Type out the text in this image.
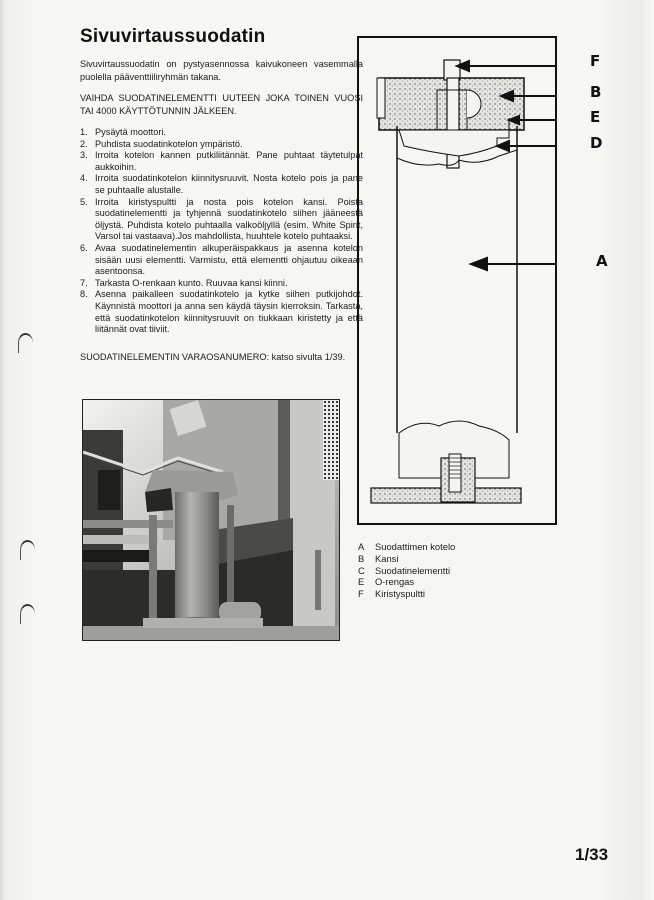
Sivuvirtaussuodatin

Sivuvirtaussuodatin on pystyasennossa kaivukoneen vasemmalla puolella pääventtiiliryhmän takana.

VAIHDA SUODATINELEMENTTI UUTEEN JOKA TOINEN VUOSI TAI 4000 KÄYTTÖTUNNIN JÄLKEEN.

1. Pysäytä moottori.
2. Puhdista suodatinkotelon ympäristö.
3. Irroita kotelon kannen putkiliitännät. Pane puhtaat täytetulpat aukkoihin.
4. Irroita suodatinkotelon kiinnitysruuvit. Nosta kotelo pois ja pane se puhtaalle alustalle.
5. Irroita kiristyspultti ja nosta pois kotelon kansi. Poista suodatinelementti ja tyhjennä suodatinkotelo siihen jääneestä öljystä. Puhdista kotelo puhtaalla valkoöljyllä (esim. White Spirit, Varsol tai vastaava).Jos mahdollista, huuhtele kotelo puhtaaksi.
6. Avaa suodatinelementin alkuperäispakkaus ja asenna kotelon sisään uusi elementti. Varmistu, että elementti ohjautuu oikeaan asentoonsa.
7. Tarkasta O-renkaan kunto. Ruuvaa kansi kiinni.
8. Asenna paikalleen suodatinkotelo ja kytke siihen putkijohdot. Käynnistä moottori ja anna sen käydä täysin kierroksin. Tarkasta, että suodatinkotelon kiinnitysruuvit on tiukkaan kiristetty ja että liitännät ovat tiiviit.

SUODATINELEMENTIN VARAOSANUMERO: katso sivulta 1/39.

F
B
E
D
A
A	Suodattimen kotelo
B	Kansi
C	Suodatinelementti
E	O-rengas
F	Kiristyspultti
1/33
